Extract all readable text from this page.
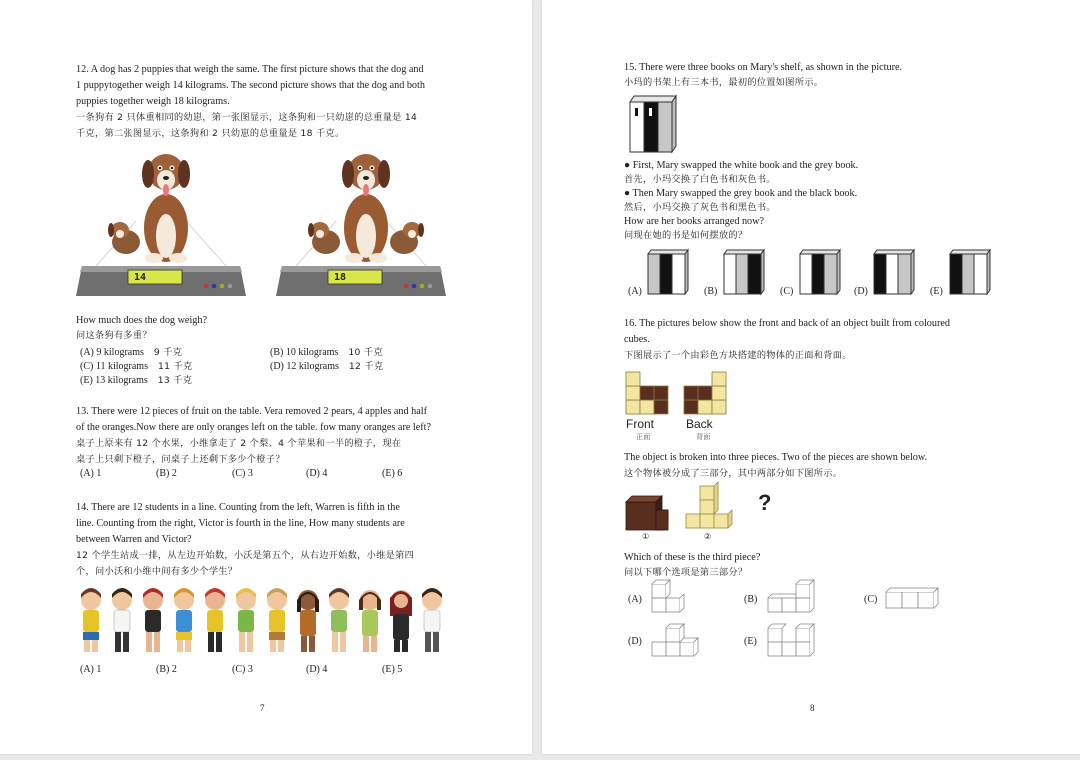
12. A dog has 2 puppies that weigh the same. The first picture shows that the dog and
1 puppytogether weigh 14 kilograms. The second picture shows that the dog and both
puppies together weigh 18 kilograms.
一条狗有 2 只体重相同的幼崽，第一张图显示，这条狗和一只幼崽的总重量是 14
千克，第二张图显示，这条狗和 2 只幼崽的总重量是 18 千克。
14	18
How much does the dog weigh?
问这条狗有多重？
(A) 9 kilograms 9 千克	(B) 10 kilograms 10 千克
(C) 11 kilograms 11 千克	(D) 12 kilograms 12 千克
(E) 13 kilograms 13 千克
13. There were 12 pieces of fruit on the table. Vera removed 2 pears, 4 apples and half
of the oranges.Now there are only oranges left on the table. fow many oranges are left?
桌子上原来有 12 个水果，小维拿走了 2 个梨、4 个苹果和一半的橙子，现在
桌子上只剩下橙子，问桌子上还剩下多少个橙子？
(A) 1	(B) 2	(C) 3	(D) 4	(E) 6
14. There are 12 students in a line. Counting from the left, Warren is fifth in the
line. Counting from the right, Victor is fourth in the line, How many students are
between Warren and Victor?
12 个学生站成一排，从左边开始数，小沃是第五个，从右边开始数，小维是第四
个，问小沃和小维中间有多少个学生？
(A) 1	(B) 2	(C) 3	(D) 4	(E) 5
7
15. There were three books on Mary's shelf, as shown in the picture.
小玛的书架上有三本书，最初的位置如图所示。
● First, Mary swapped the white book and the grey book.
首先，小玛交换了白色书和灰色书。
● Then Mary swapped the grey book and the black book.
然后，小玛交换了灰色书和黑色书。
How are her books arranged now?
问现在她的书是如何摆放的？
(A)	(B)	(C)	(D)	(E)
16. The pictures below show the front and back of an object built from coloured
cubes.
下图展示了一个由彩色方块搭建的物体的正面和背面。
Front
正面
Back
背面
The object is broken into three pieces. Two of the pieces are shown below.
这个物体被分成了三部分，其中两部分如下图所示。
①	②
?
Which of these is the third piece?
问以下哪个选项是第三部分？
(A)	(B)	(C)
(D)	(E)
8
